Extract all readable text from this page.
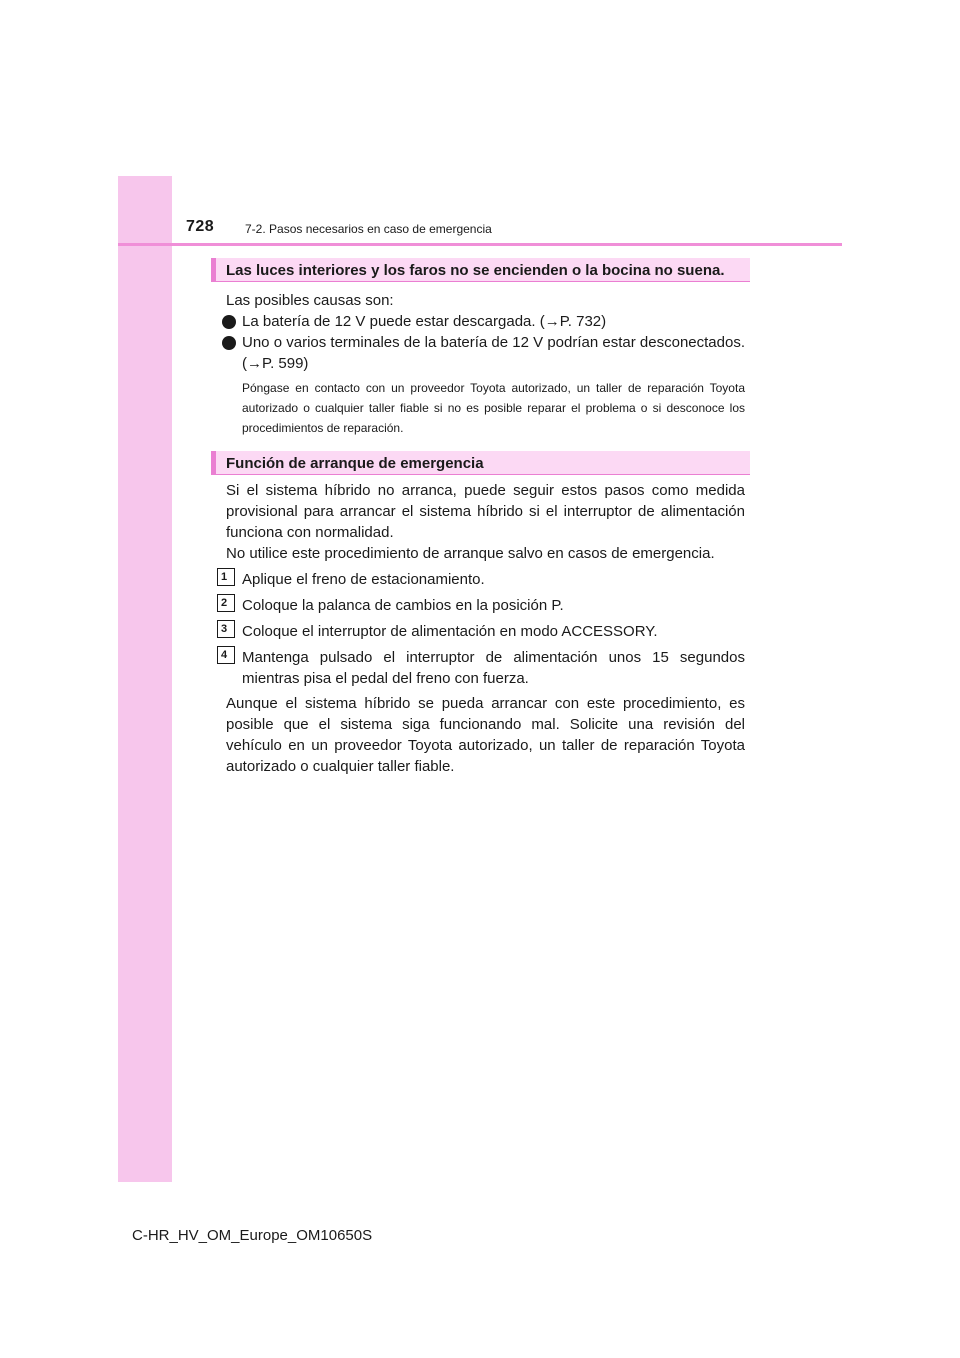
728	7-2. Pasos necesarios en caso de emergencia
Las luces interiores y los faros no se encienden o la bocina no suena.
Las posibles causas son:
La batería de 12 V puede estar descargada. (→P. 732)
Uno o varios terminales de la batería de 12 V podrían estar desconectados. (→P. 599)
Póngase en contacto con un proveedor Toyota autorizado, un taller de reparación Toyota autorizado o cualquier taller fiable si no es posible reparar el problema o si desconoce los procedimientos de reparación.
Función de arranque de emergencia
Si el sistema híbrido no arranca, puede seguir estos pasos como medida provisional para arrancar el sistema híbrido si el interruptor de alimentación funciona con normalidad.
No utilice este procedimiento de arranque salvo en casos de emergencia.
1 Aplique el freno de estacionamiento.
2 Coloque la palanca de cambios en la posición P.
3 Coloque el interruptor de alimentación en modo ACCESSORY.
4 Mantenga pulsado el interruptor de alimentación unos 15 segundos mientras pisa el pedal del freno con fuerza.
Aunque el sistema híbrido se pueda arrancar con este procedimiento, es posible que el sistema siga funcionando mal. Solicite una revisión del vehículo en un proveedor Toyota autorizado, un taller de reparación Toyota autorizado o cualquier taller fiable.
C-HR_HV_OM_Europe_OM10650S
